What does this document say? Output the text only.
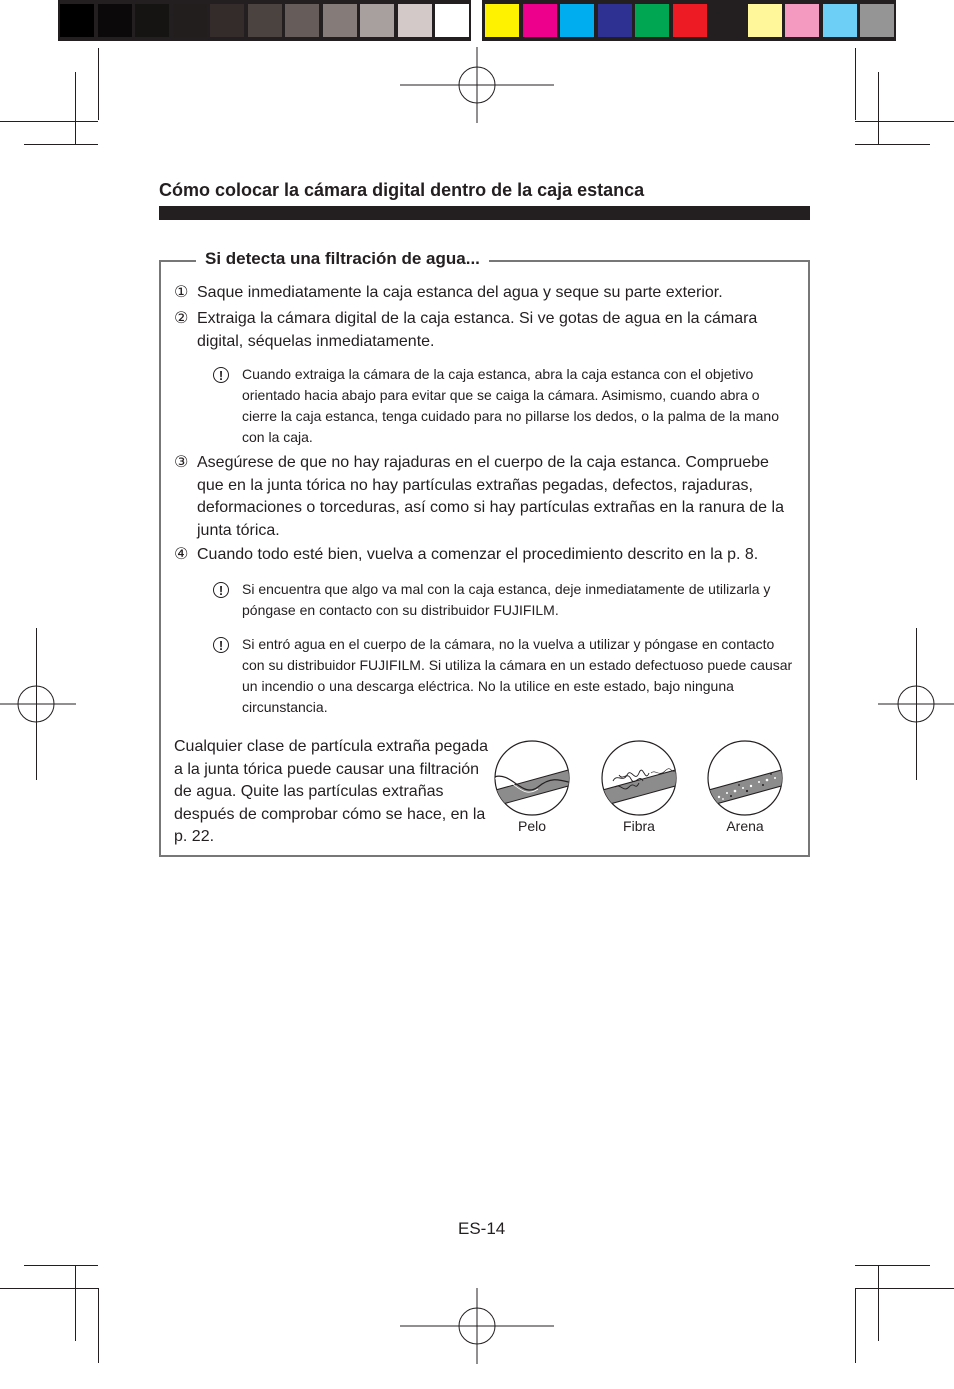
Cómo colocar la cámara digital dentro de la caja estanca
Si detecta una filtración de agua...
① Saque inmediatamente la caja estanca del agua y seque su parte exterior.
② Extraiga la cámara digital de la caja estanca. Si ve gotas de agua en la cámara digital, séquelas inmediatamente.
!	Cuando extraiga la cámara de la caja estanca, abra la caja estanca con el objetivo orientado hacia abajo para evitar que se caiga la cámara. Asimismo, cuando abra o cierre la caja estanca, tenga cuidado para no pillarse los dedos, o la palma de la mano con la caja.
③ Asegúrese de que no hay rajaduras en el cuerpo de la caja estanca. Compruebe que en la junta tórica no hay partículas extrañas pegadas, defectos, rajaduras, deformaciones o torceduras, así como si hay partículas extrañas en la ranura de la junta tórica.
④ Cuando todo esté bien, vuelva a comenzar el procedimiento descrito en la p. 8.
!	Si encuentra que algo va mal con la caja estanca, deje inmediatamente de utilizarla y póngase en contacto con su distribuidor FUJIFILM.
!	Si entró agua en el cuerpo de la cámara, no la vuelva a utilizar y póngase en contacto con su distribuidor FUJIFILM. Si utiliza la cámara en un estado defectuoso puede causar un incendio o una descarga eléctrica. No la utilice en este estado, bajo ninguna circunstancia.
Cualquier clase de partícula extraña pegada a la junta tórica puede causar una filtración de agua. Quite las partículas extrañas después de comprobar cómo se hace, en la p. 22.
Pelo	Fibra	Arena
ES-14
